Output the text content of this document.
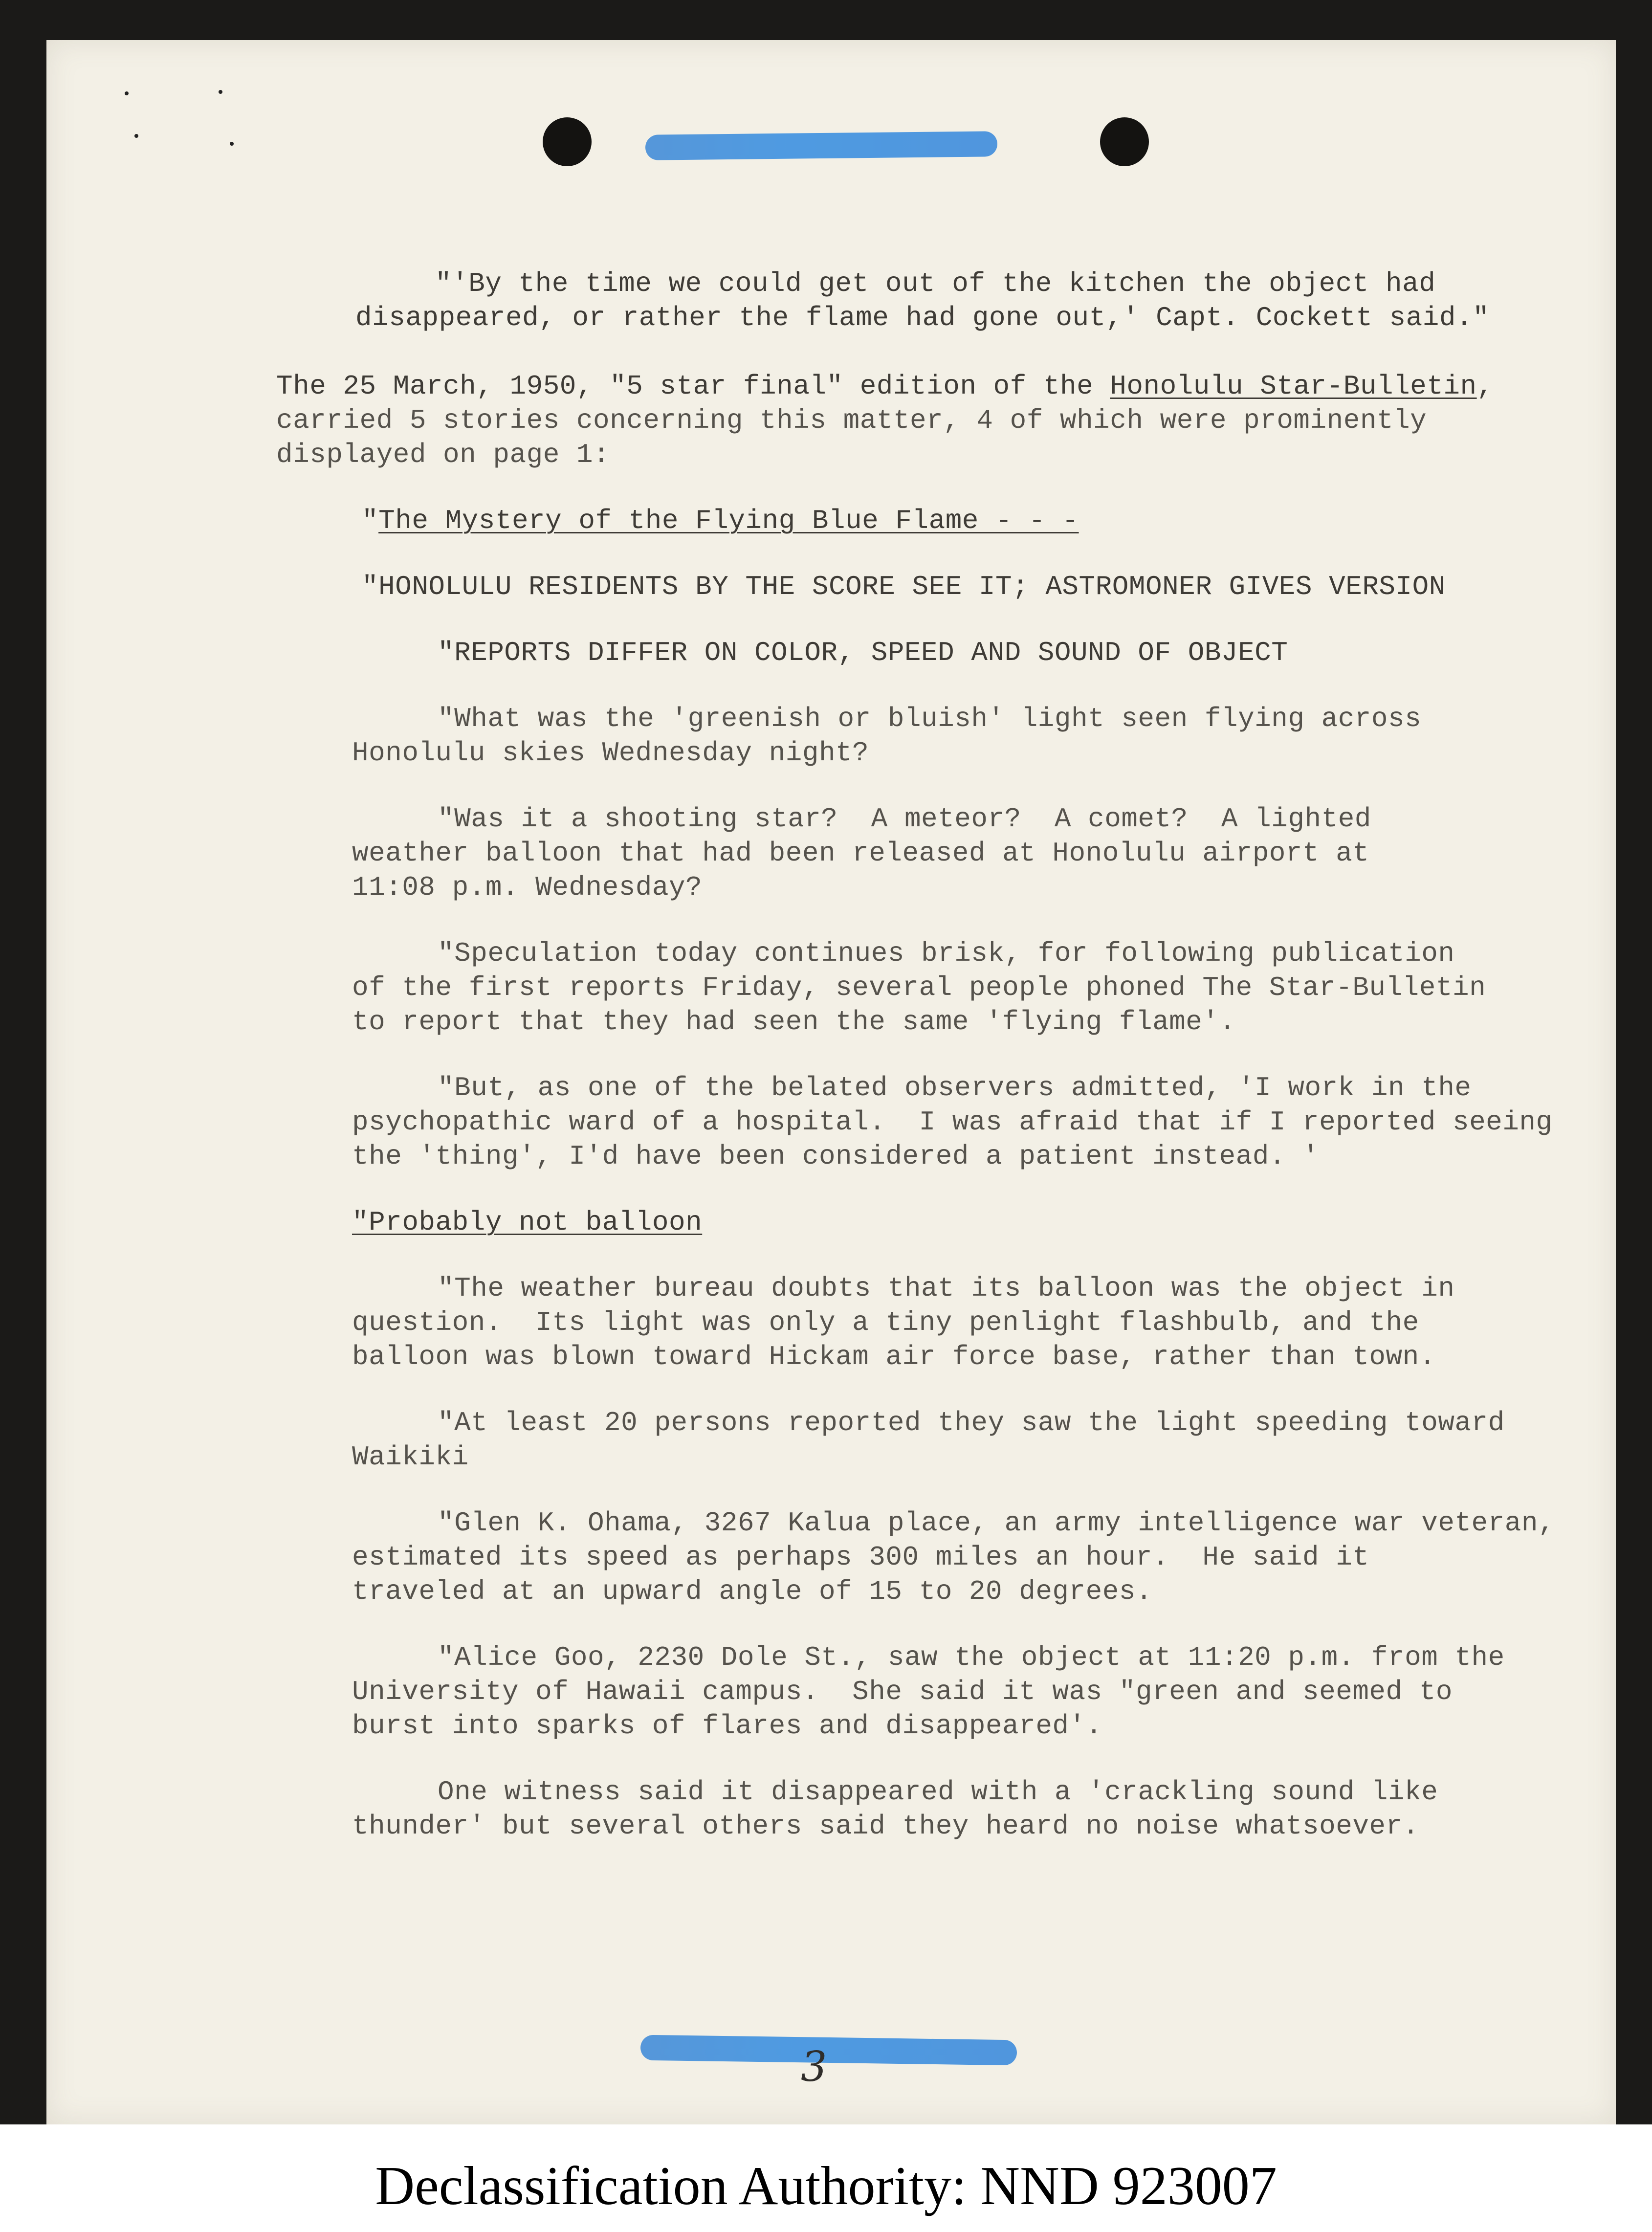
"'By the time we could get out of the kitchen the object had
disappeared, or rather the flame had gone out,' Capt. Cockett said."
The 25 March, 1950, "5 star final" edition of the Honolulu Star-Bulletin,
carried 5 stories concerning this matter, 4 of which were prominently
displayed on page 1:
"The Mystery of the Flying Blue Flame - - -
"HONOLULU RESIDENTS BY THE SCORE SEE IT; ASTROMONER GIVES VERSION
"REPORTS DIFFER ON COLOR, SPEED AND SOUND OF OBJECT
"What was the 'greenish or bluish' light seen flying across
Honolulu skies Wednesday night?
"Was it a shooting star?  A meteor?  A comet?  A lighted
weather balloon that had been released at Honolulu airport at
11:08 p.m. Wednesday?
"Speculation today continues brisk, for following publication
of the first reports Friday, several people phoned The Star-Bulletin
to report that they had seen the same 'flying flame'.
"But, as one of the belated observers admitted, 'I work in the
psychopathic ward of a hospital.  I was afraid that if I reported seeing
the 'thing', I'd have been considered a patient instead. '
"Probably not balloon
"The weather bureau doubts that its balloon was the object in
question.  Its light was only a tiny penlight flashbulb, and the
balloon was blown toward Hickam air force base, rather than town.
"At least 20 persons reported they saw the light speeding toward
Waikiki
"Glen K. Ohama, 3267 Kalua place, an army intelligence war veteran,
estimated its speed as perhaps 300 miles an hour.  He said it
traveled at an upward angle of 15 to 20 degrees.
"Alice Goo, 2230 Dole St., saw the object at 11:20 p.m. from the
University of Hawaii campus.  She said it was "green and seemed to
burst into sparks of flares and disappeared'.
One witness said it disappeared with a 'crackling sound like
thunder' but several others said they heard no noise whatsoever.
3
Declassification Authority: NND 923007
